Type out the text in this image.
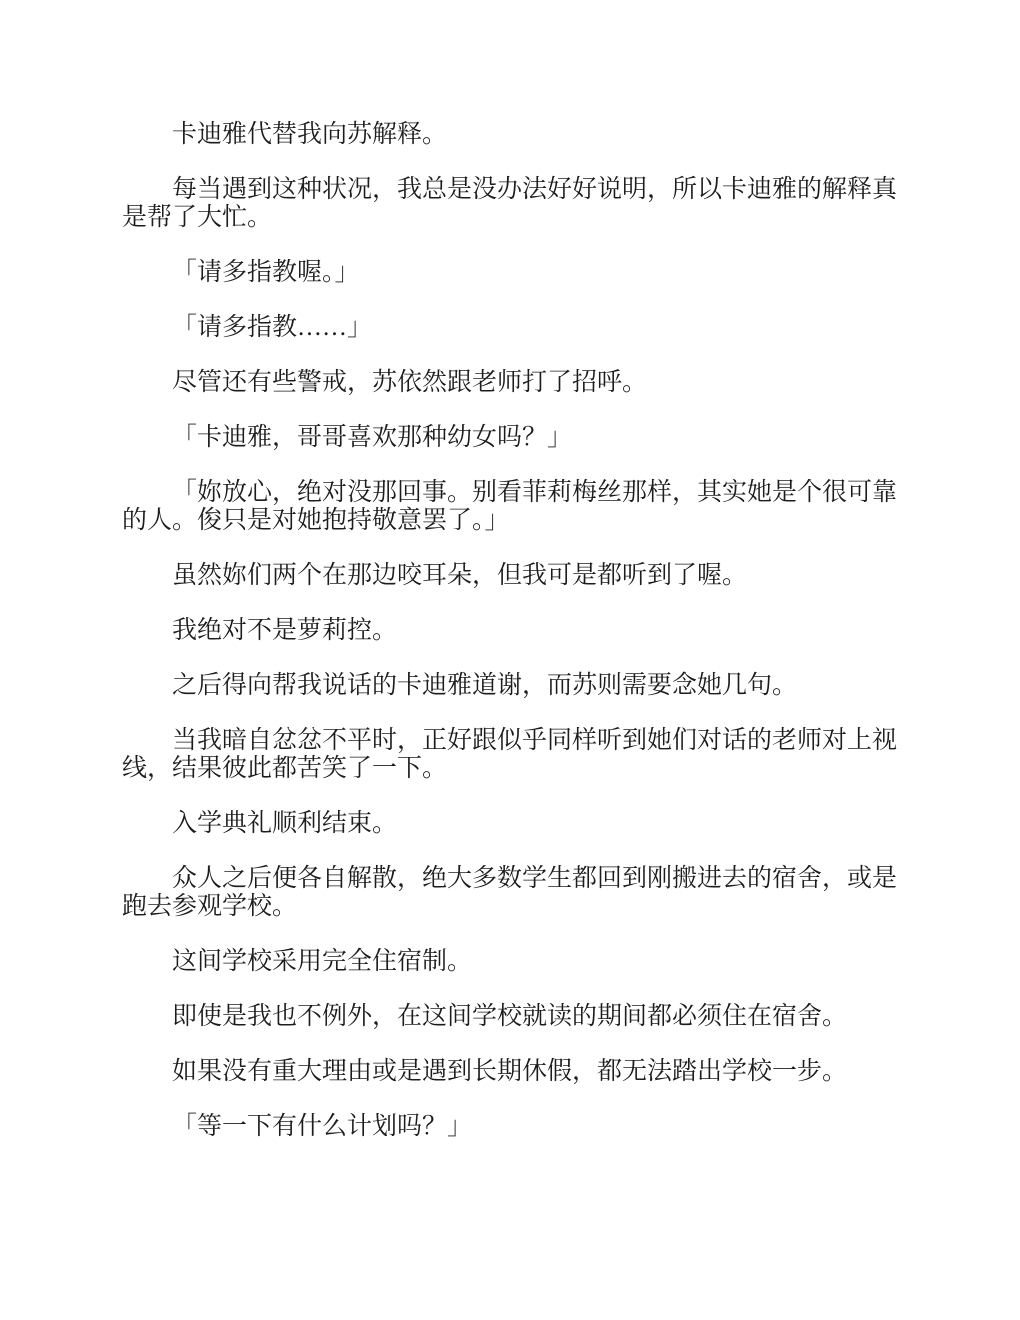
卡迪雅代替我向苏解释。

每当遇到这种状况，我总是没办法好好说明，所以卡迪雅的解释真是帮了大忙。

「请多指教喔。」

「请多指教……」

尽管还有些警戒，苏依然跟老师打了招呼。

「卡迪雅，哥哥喜欢那种幼女吗？」

「妳放心，绝对没那回事。别看菲莉梅丝那样，其实她是个很可靠的人。俊只是对她抱持敬意罢了。」

虽然妳们两个在那边咬耳朵，但我可是都听到了喔。

我绝对不是萝莉控。

之后得向帮我说话的卡迪雅道谢，而苏则需要念她几句。

当我暗自忿忿不平时，正好跟似乎同样听到她们对话的老师对上视线，结果彼此都苦笑了一下。

入学典礼顺利结束。

众人之后便各自解散，绝大多数学生都回到刚搬进去的宿舍，或是跑去参观学校。

这间学校采用完全住宿制。

即使是我也不例外，在这间学校就读的期间都必须住在宿舍。

如果没有重大理由或是遇到长期休假，都无法踏出学校一步。

「等一下有什么计划吗？」
